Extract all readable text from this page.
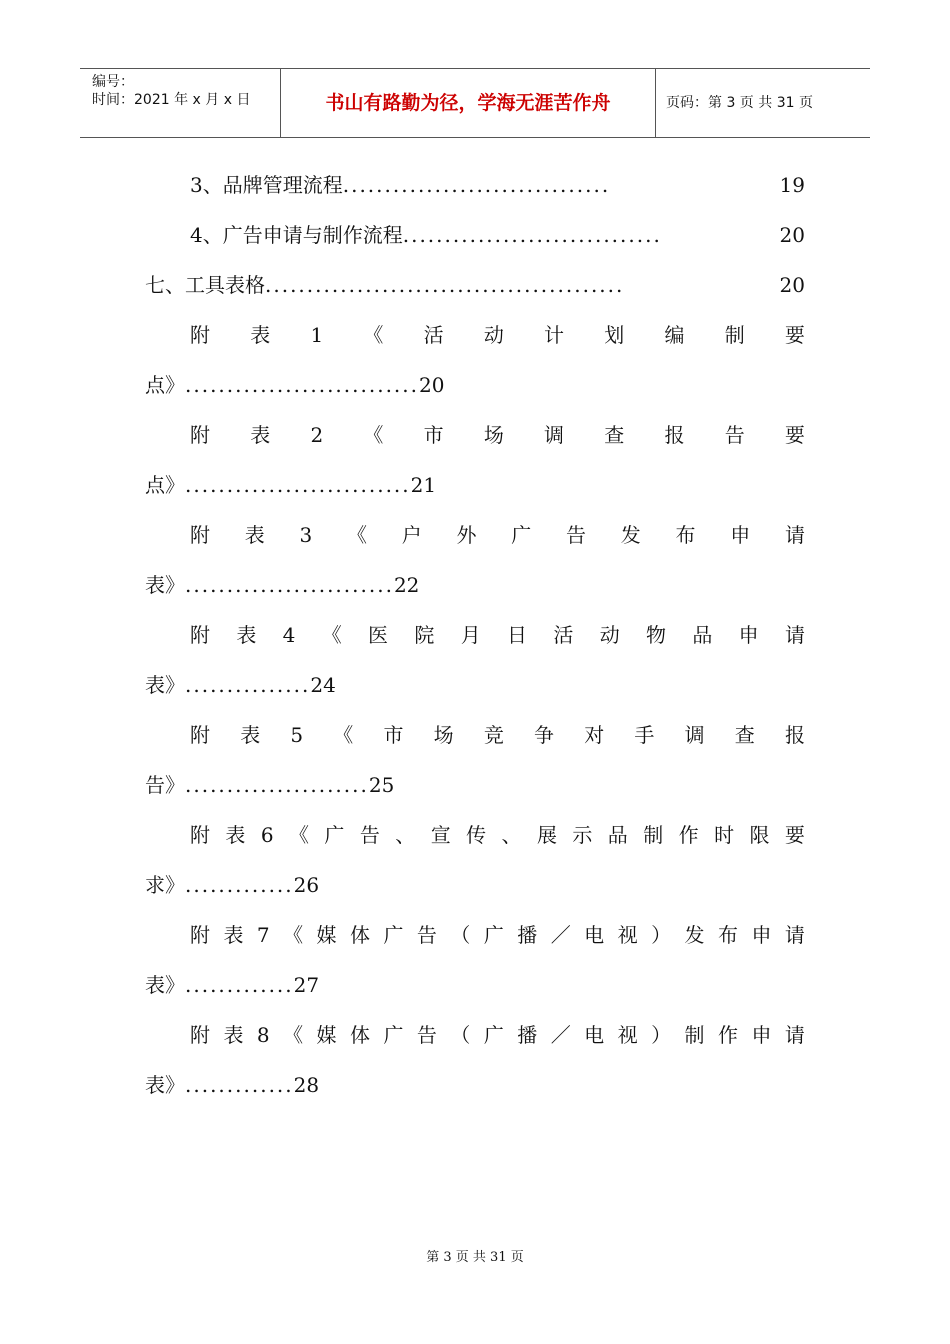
编号：
时间：2021 年 x 月 x 日	书山有路勤为径，学海无涯苦作舟	页码：第 3 页 共 31 页
3、品牌管理流程 ................................	19
4、广告申请与制作流程 ...............................	20
七、工具表格 ...........................................	20
附 表 1 《 活 动 计 划 编 制 要
点》............................20
附 表 2 《 市 场 调 查 报 告 要
点》...........................21
附 表 3 《 户 外 广 告 发 布 申 请
表》.........................22
附 表 4 《 医 院 月 日 活 动 物 品 申 请
表》...............24
附 表 5 《 市 场 竞 争 对 手 调 查 报
告》......................25
附 表 6 《 广 告 、 宣 传 、 展 示 品 制 作 时 限 要
求》.............26
附 表 7 《 媒 体 广 告 （ 广 播 ／ 电 视 ） 发 布 申 请
表》.............27
附 表 8 《 媒 体 广 告 （ 广 播 ／ 电 视 ） 制 作 申 请
表》.............28
第 3 页 共 31 页
